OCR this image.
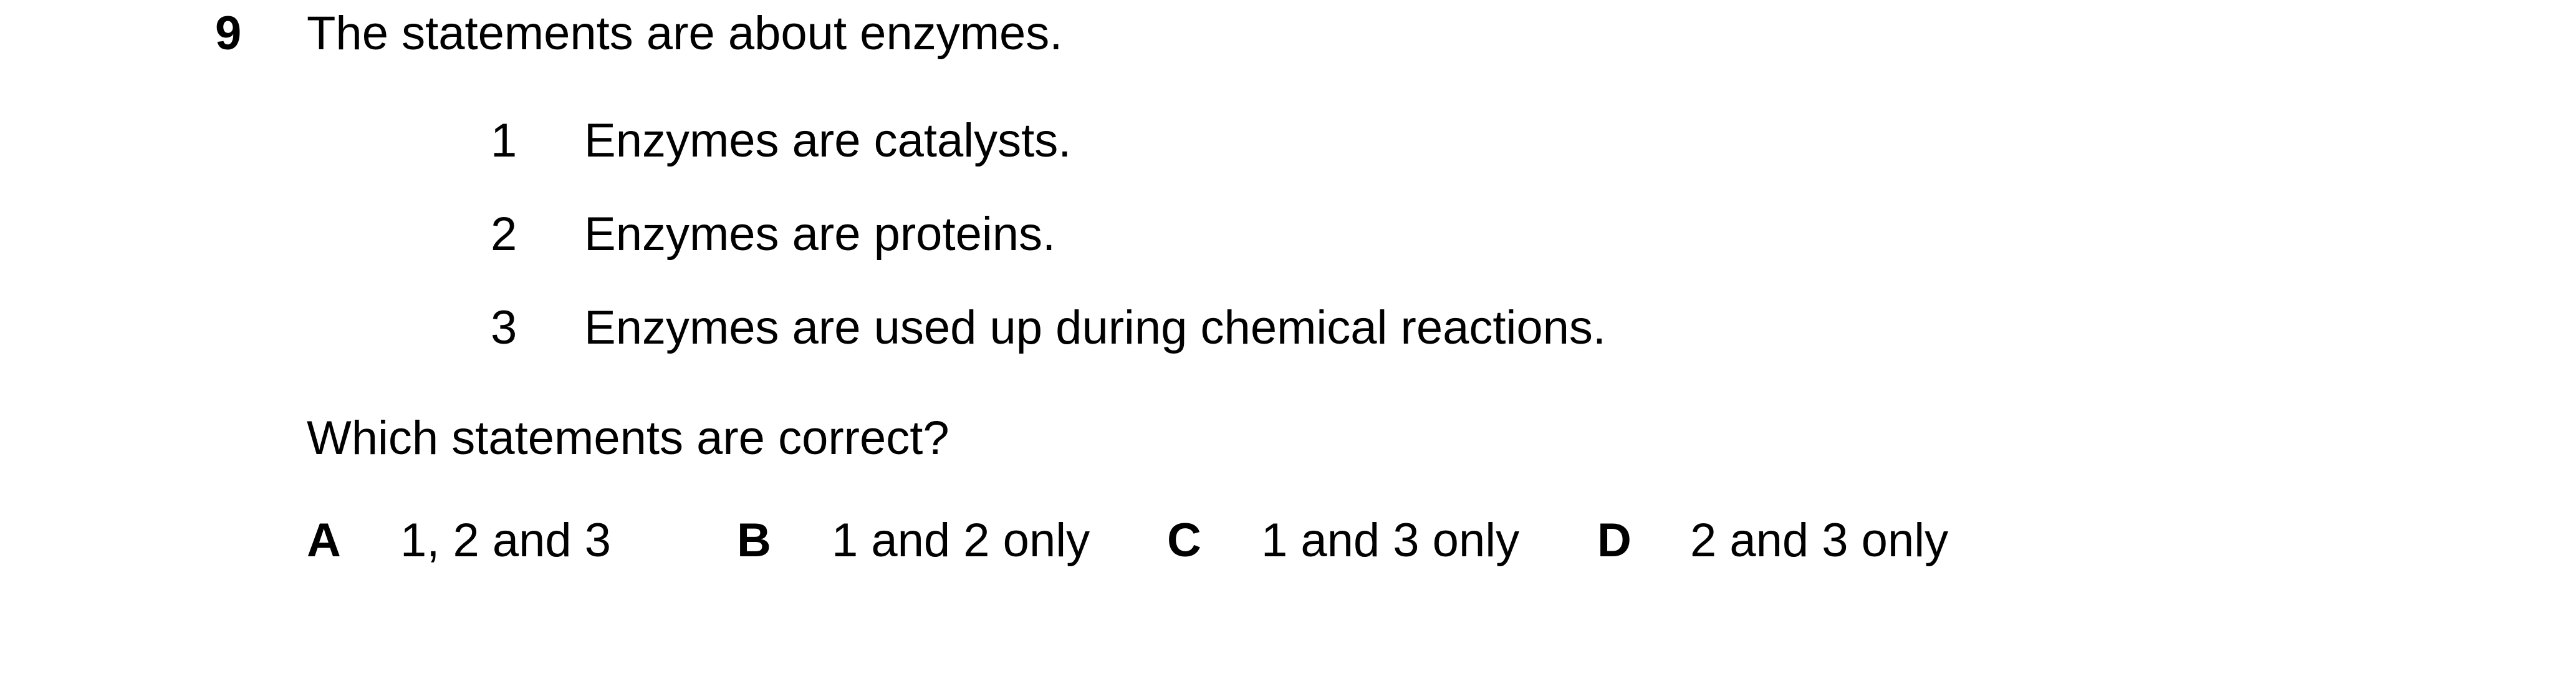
9 The statements are about enzymes.
1 Enzymes are catalysts.
2 Enzymes are proteins.
3 Enzymes are used up during chemical reactions.
Which statements are correct?
A 1, 2 and 3	B 1 and 2 only C 1 and 3 only D 2 and 3 only
